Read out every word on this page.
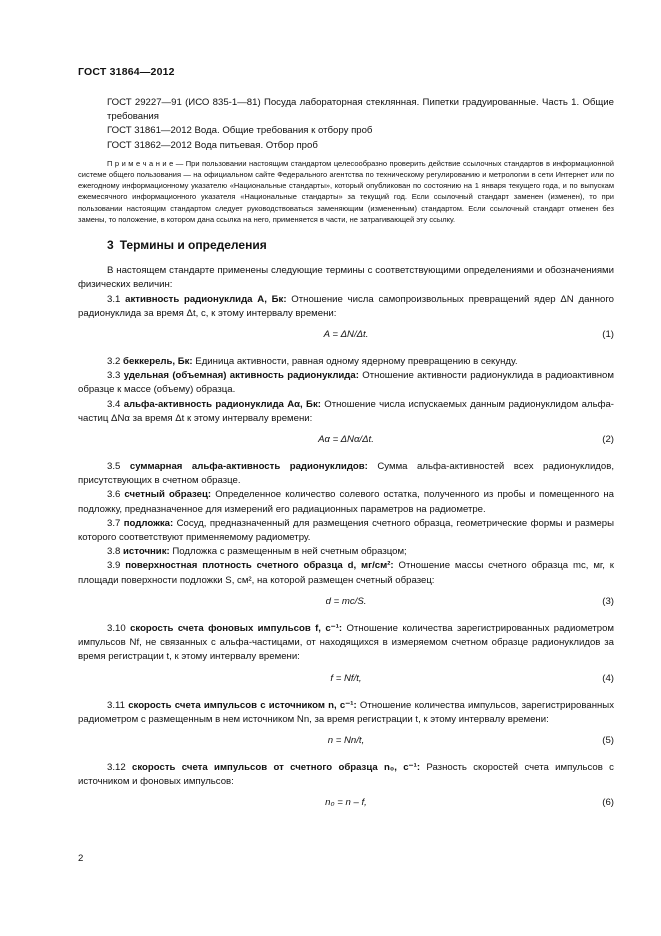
ГОСТ 31864—2012

ГОСТ 29227—91 (ИСО 835-1—81) Посуда лабораторная стеклянная. Пипетки градуированные. Часть 1. Общие требования

ГОСТ 31861—2012 Вода. Общие требования к отбору проб

ГОСТ 31862—2012 Вода питьевая. Отбор проб

П р и м е ч а н и е — При пользовании настоящим стандартом целесообразно проверить действие ссылочных стандартов в информационной системе общего пользования — на официальном сайте Федерального агентства по техническому регулированию и метрологии в сети Интернет или по ежегодному информационному указателю «Национальные стандарты», который опубликован по состоянию на 1 января текущего года, и по выпускам ежемесячного информационного указателя «Национальные стандарты» за текущий год. Если ссылочный стандарт заменен (изменен), то при пользовании настоящим стандартом следует руководствоваться заменяющим (измененным) стандартом. Если ссылочный стандарт отменен без замены, то положение, в котором дана ссылка на него, применяется в части, не затрагивающей эту ссылку.

3 Термины и определения

В настоящем стандарте применены следующие термины с соответствующими определениями и обозначениями физических величин:

3.1 активность радионуклида A, Бк: Отношение числа самопроизвольных превращений ядер ΔN данного радионуклида за время Δt, с, к этому интервалу времени:

A = ΔN/Δt.	(1)

3.2 беккерель, Бк: Единица активности, равная одному ядерному превращению в секунду.

3.3 удельная (объемная) активность радионуклида: Отношение активности радионуклида в радиоактивном образце к массе (объему) образца.

3.4 альфа-активность радионуклида Aα, Бк: Отношение числа испускаемых данным радионуклидом альфа-частиц ΔNα за время Δt к этому интервалу времени:

Aα = ΔNα/Δt.	(2)

3.5 суммарная альфа-активность радионуклидов: Сумма альфа-активностей всех радионуклидов, присутствующих в счетном образце.

3.6 счетный образец: Определенное количество солевого остатка, полученного из пробы и помещенного на подложку, предназначенное для измерений его радиационных параметров на радиометре.

3.7 подложка: Сосуд, предназначенный для размещения счетного образца, геометрические формы и размеры которого соответствуют применяемому радиометру.

3.8 источник: Подложка с размещенным в ней счетным образцом;

3.9 поверхностная плотность счетного образца d, мг/см²: Отношение массы счетного образца mс, мг, к площади поверхности подложки S, см², на которой размещен счетный образец:

d = mс/S.	(3)

3.10 скорость счета фоновых импульсов f, с⁻¹: Отношение количества зарегистрированных радиометром импульсов Nf, не связанных с альфа-частицами, от находящихся в измеряемом счетном образце радионуклидов за время регистрации t, к этому интервалу времени:

f = Nf/t,	(4)

3.11 скорость счета импульсов с источником n, с⁻¹: Отношение количества импульсов, зарегистрированных радиометром с размещенным в нем источником Nn, за время регистрации t, к этому интервалу времени:

n = Nn/t,	(5)

3.12 скорость счета импульсов от счетного образца n₀, с⁻¹: Разность скоростей счета импульсов с источником и фоновых импульсов:

n₀ = n – f,	(6)
2
